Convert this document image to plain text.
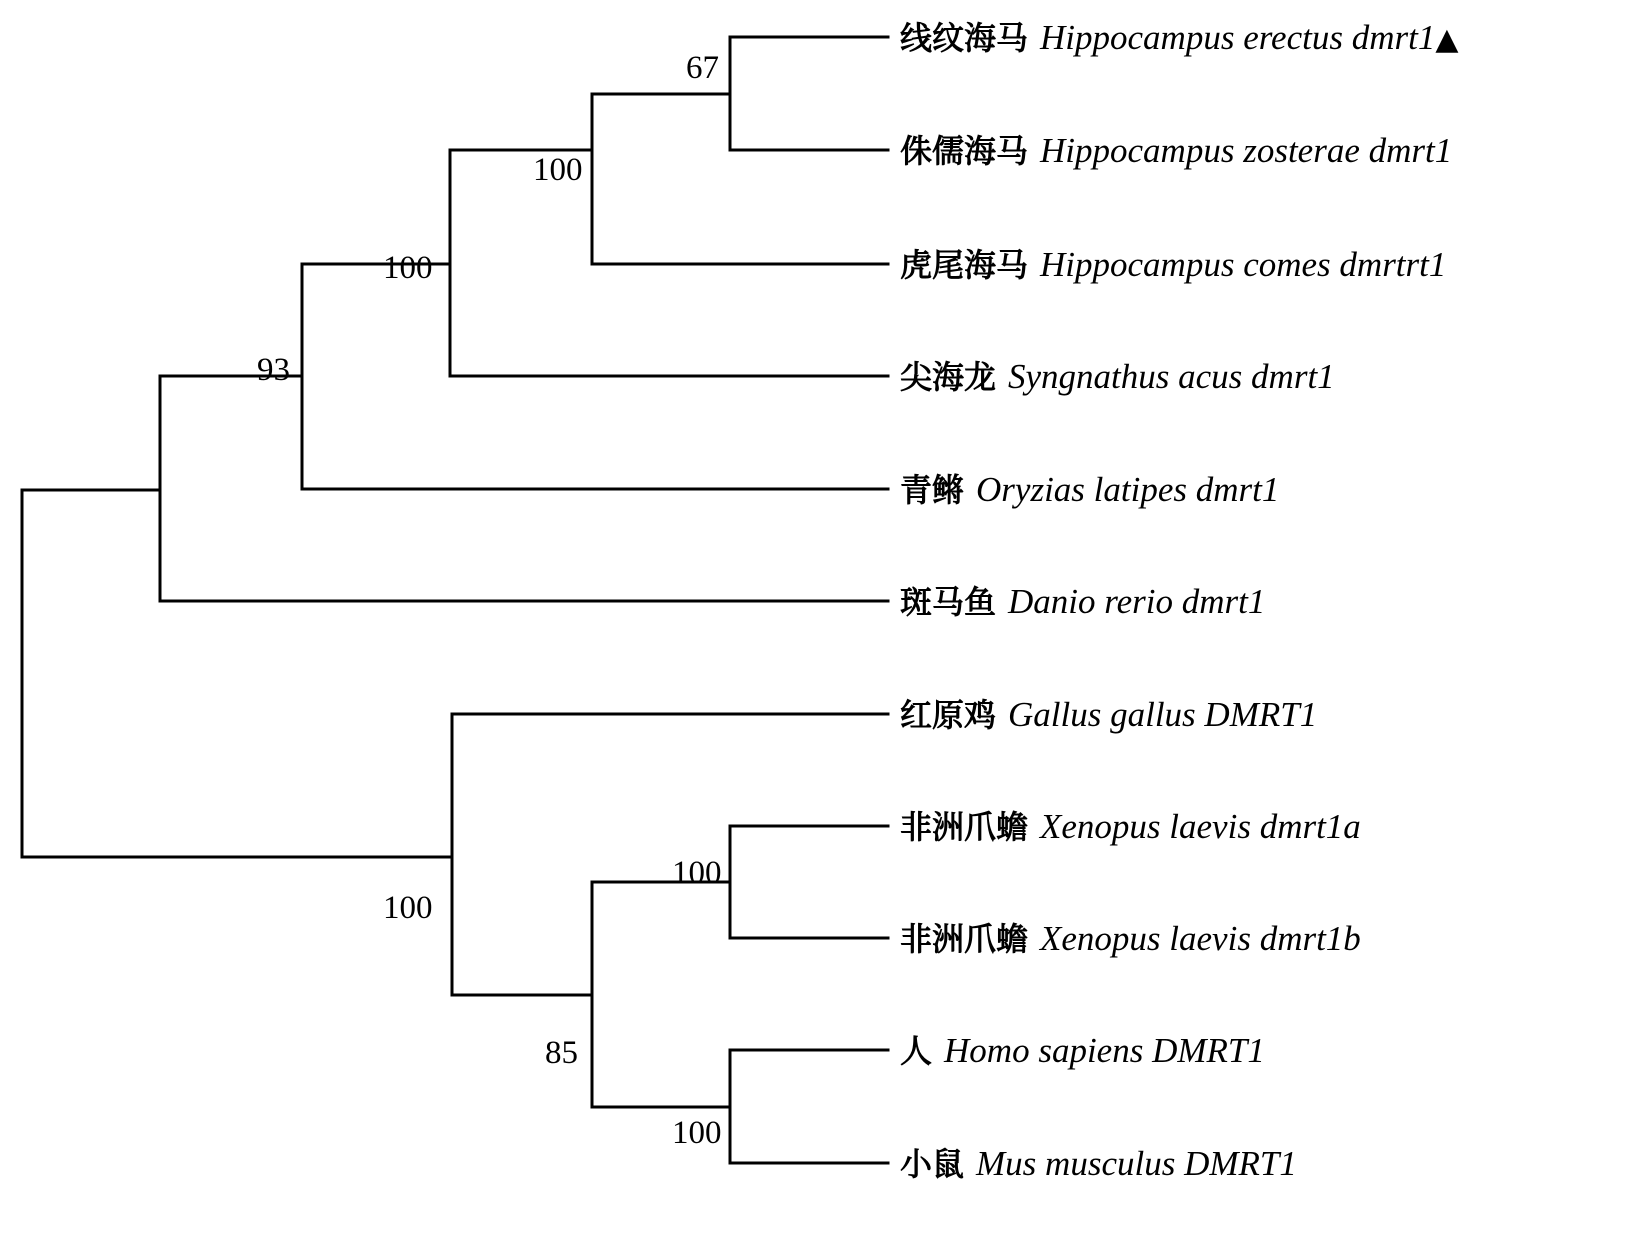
线纹海马 Hippocampus erectus dmrt1▲
侏儒海马 Hippocampus zosterae dmrt1
虎尾海马 Hippocampus comes dmrtrt1
尖海龙 Syngnathus acus dmrt1
青鳉 Oryzias latipes dmrt1
斑马鱼 Danio rerio dmrt1
红原鸡 Gallus gallus DMRT1
非洲爪蟾 Xenopus laevis dmrt1a
非洲爪蟾 Xenopus laevis dmrt1b
人 Homo sapiens DMRT1
小鼠 Mus musculus DMRT1
67
100
100
93
100
100
85
100
